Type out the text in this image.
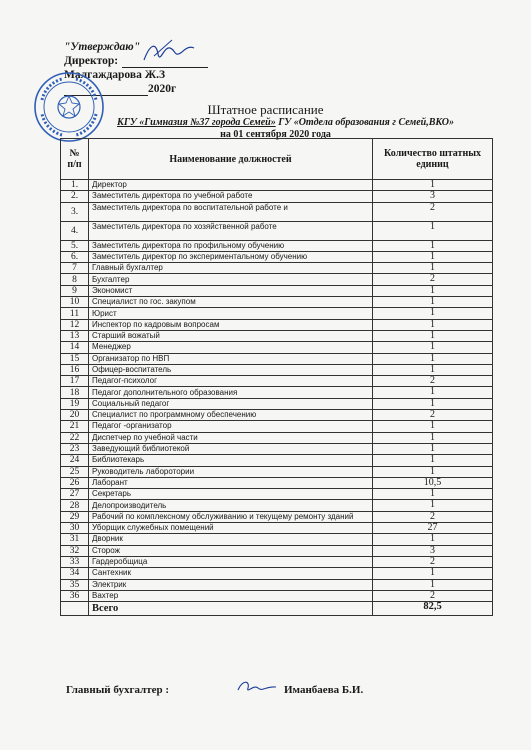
"Утверждаю"
Директор:
Малгаждарова Ж.З
2020г
Штатное расписание
КГУ «Гимназия №37 города Семей» ГУ «Отдела образования г Семей,ВКО»
на 01 сентября 2020 года
№ п/п	Наименование должностей	Количество штатных единиц
1.	Директор	1
2.	Заместитель директора по учебной работе	3
3.	Заместитель директора по воспитательной работе и	2
4.	Заместитель директора по хозяйственной работе	1
5.	Заместитель директора по профильному обучению	1
6.	Заместитель директор по экспериментальному обучению	1
7	Главный бухгалтер	1
8	Бухгалтер	2
9	Экономист	1
10	Специалист по гос. закупом	1
11	Юрист	1
12	Инспектор по кадровым вопросам	1
13	Старший вожатый	1
14	Менеджер	1
15	Организатор по НВП	1
16	Офицер-воспитатель	1
17	Педагог-психолог	2
18	Педагог дополнительного образования	1
19	Социальный педагог	1
20	Специалист по программному обеспечению	2
21	Педагог -организатор	1
22	Диспетчер по учебной части	1
23	Заведующий библиотекой	1
24	Библиотекарь	1
25	Руководитель лаборотории	1
26	Лаборант	10,5
27	Секретарь	1
28	Делопроизводитель	1
29	Рабочий по комплексному обслуживанию и текущему ремонту зданий	2
30	Уборщик служебных помещений	27
31	Дворник	1
32	Сторож	3
33	Гардеробщица	2
34	Сантехник	1
35	Электрик	1
36	Вахтер	2
	Всего	82,5
Главный бухгалтер :	Иманбаева Б.И.
